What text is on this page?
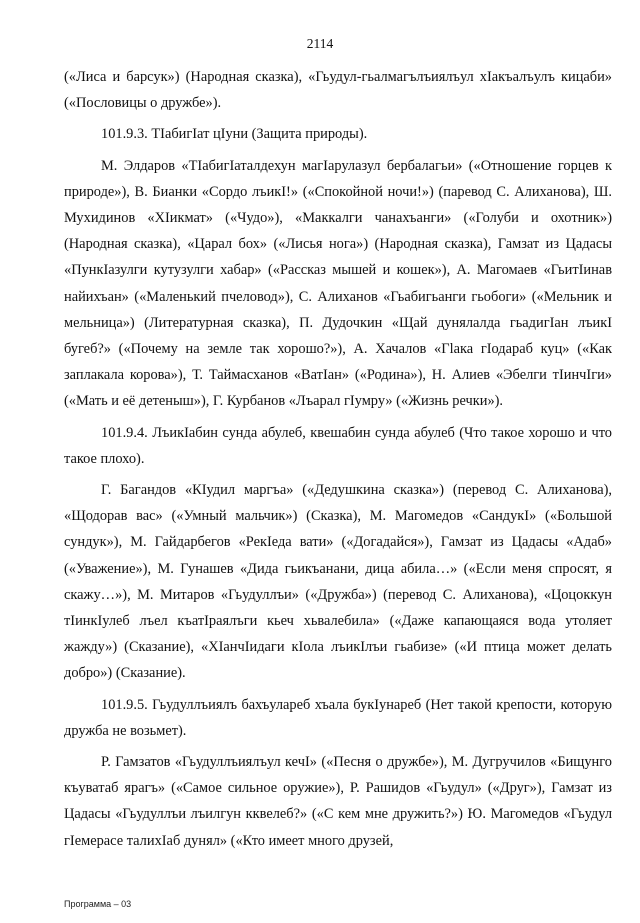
2114

(«Лиса и барсук») (Народная сказка), «Гьудул-гьалмагълъиялъул хIакъалъулъ кицаби» («Пословицы о дружбе»).

101.9.3. ТIабигIат цIуни (Защита природы).

М. Элдаров «ТIабигIаталдехун магIарулазул бербалагьи» («Отношение горцев к природе»), В. Бианки «Сордо лъикI!» («Спокойной ночи!») (паревод С. Алиханова), Ш. Мухидинов «ХIикмат» («Чудо»), «Маккалги чанахъанги» («Голуби и охотник») (Народная сказка), «Царал бох» («Лисья нога») (Народная сказка), Гамзат из Цадасы «ПункIазулги кутузулги хабар» («Рассказ мышей и кошек»), А. Магомаев «ГьитIинав найихъан» («Маленький пчеловод»), С. Алиханов «Гьабигьанги гьобоги» («Мельник и мельница») (Литературная сказка), П. Дудочкин «Щай дунялалда гьадигIан лъикI бугеб?» («Почему на земле так хорошо?»), А. Хачалов «Гlака гIодараб куц» («Как заплакала корова»), Т. Таймасханов «ВатIан» («Родина»), Н. Алиев «Эбелги тIинчIги» («Мать и её детеныш»), Г. Курбанов «Лъарал гIумру» («Жизнь речки»).

101.9.4. ЛъикIабин сунда абулеб, квешабин сунда абулеб (Что такое хорошо и что такое плохо).

Г. Багандов «КIудил маргъа» («Дедушкина сказка») (перевод С. Алиханова), «Щодорав вас» («Умный мальчик») (Сказка), М. Магомедов «СандукI» («Большой сундук»), М. Гайдарбегов «РекIеда вати» («Догадайся»), Гамзат из Цадасы «Адаб» («Уважение»), М. Гунашев «Дида гьикъанани, дица абила…» («Если меня спросят, я скажу…»), М. Митаров «Гьудуллъи» («Дружба») (перевод С. Алиханова), «Цоцоккун тIинкIулеб лъел къатIраялъги кьеч хьвалебила» («Даже капающаяся вода утоляет жажду») (Сказание), «ХIанчIидаги кIола лъикIлъи гьабизе» («И птица может делать добро») (Сказание).

101.9.5. Гьудуллъиялъ бахъулареб хъала букIунареб (Нет такой крепости, которую дружба не возьмет).

Р. Гамзатов «Гьудуллъиялъул кечI» («Песня о дружбе»), М. Дугручилов «Бищунго къуватаб ярагъ» («Самое сильное оружие»), Р. Рашидов «Гьудул» («Друг»), Гамзат из Цадасы «Гьудуллъи лъилгун кквелеб?» («С кем мне дружить?») Ю. Магомедов «Гьудул гIемерасе талихIаб дунял» («Кто имеет много друзей,

Программа – 03
